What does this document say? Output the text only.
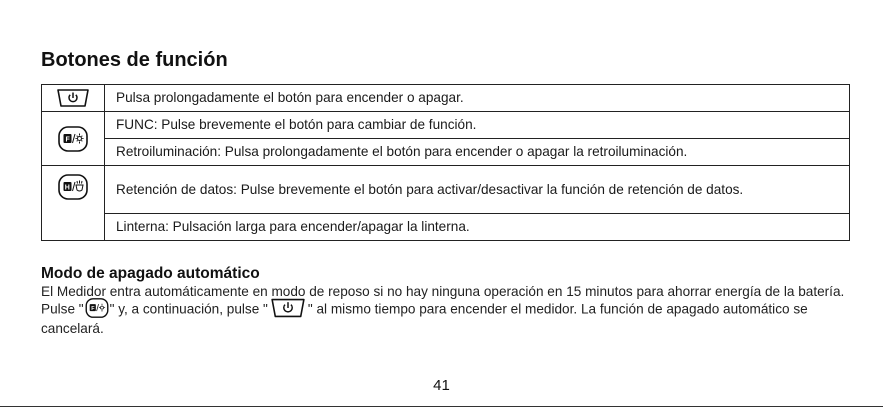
Botones de función
	Pulsa prolongadamente el botón para encender o apagar.

F	FUNC: Pulse brevemente el botón para cambiar de función.
	Retroiluminación: Pulsa prolongadamente el botón para encender o apagar la retroiluminación.

H	Retención de datos: Pulse brevemente el botón para activar/desactivar la función de retención de datos.
	Linterna: Pulsación larga para encender/apagar la linterna.
Modo de apagado automático

El Medidor entra automáticamente en modo de reposo si no hay ninguna operación en 15 minutos para ahorrar energía de la batería.

Pulse " F " y, a continuación, pulse "	" al mismo tiempo para encender el medidor. La función de apagado automático se cancelará.

41
